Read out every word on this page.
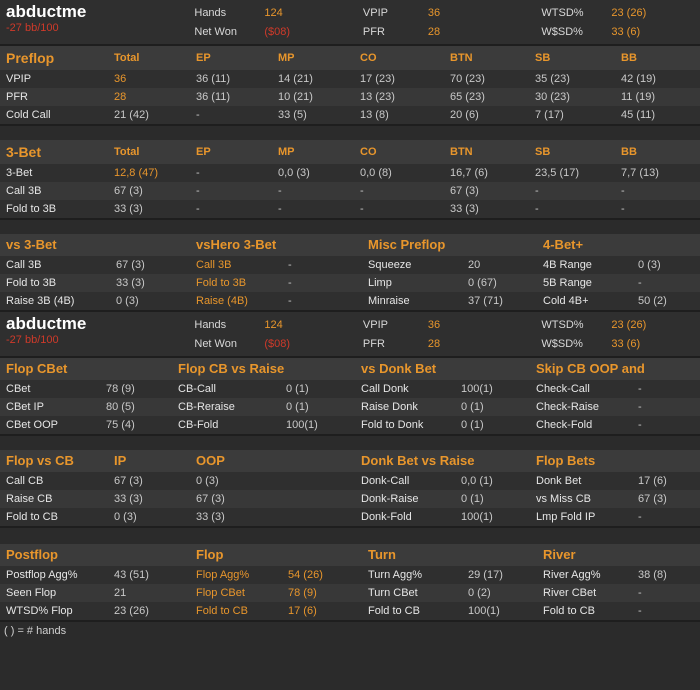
abductme
-27 bb/100
Hands	124
Net Won	($08)
VPIP	36
PFR	28
WTSD%	23 (26)
W$SD%	33 (6)
Preflop	Total	EP	MP	CO	BTN	SB	BB
VPIP	36	36 (11)	14 (21)	17 (23)	70 (23)	35 (23)	42 (19)
PFR	28	36 (11)	10 (21)	13 (23)	65 (23)	30 (23)	11 (19)
Cold Call	21 (42)	-	33 (5)	13 (8)	20 (6)	7 (17)	45 (11)
3-Bet	Total	EP	MP	CO	BTN	SB	BB
3-Bet	12,8 (47)	-	0,0 (3)	0,0 (8)	16,7 (6)	23,5 (17)	7,7 (13)
Call 3B	67 (3)	-	-	-	67 (3)	-	-
Fold to 3B	33 (3)	-	-	-	33 (3)	-	-
vs 3-Bet	vsHero 3-Bet	Misc Preflop	4-Bet+
Call 3B	67 (3)	Call 3B	-	Squeeze	20	4B Range	0 (3)
Fold to 3B	33 (3)	Fold to 3B	-	Limp	0 (67)	5B Range	-
Raise 3B (4B)	0 (3)	Raise (4B)	-	Minraise	37 (71)	Cold 4B+	50 (2)
abductme
-27 bb/100
Hands	124
Net Won	($08)
VPIP	36
PFR	28
WTSD%	23 (26)
W$SD%	33 (6)
Flop CBet	Flop CB vs Raise	vs Donk Bet	Skip CB OOP and
CBet	78 (9)	CB-Call	0 (1)	Call Donk	100(1)	Check-Call	-
CBet IP	80 (5)	CB-Reraise	0 (1)	Raise Donk	0 (1)	Check-Raise	-
CBet OOP	75 (4)	CB-Fold	100(1)	Fold to Donk	0 (1)	Check-Fold	-
Flop vs CB	IP	OOP	Donk Bet vs Raise	Flop Bets
Call CB	67 (3)	0 (3)	Donk-Call	0,0 (1)	Donk Bet	17 (6)
Raise CB	33 (3)	67 (3)	Donk-Raise	0 (1)	vs Miss CB	67 (3)
Fold to CB	0 (3)	33 (3)	Donk-Fold	100(1)	Lmp Fold IP	-
Postflop	Flop	Turn	River
Postflop Agg%	43 (51)	Flop Agg%	54 (26)	Turn Agg%	29 (17)	River Agg%	38 (8)
Seen Flop	21	Flop CBet	78 (9)	Turn CBet	0 (2)	River CBet	-
WTSD% Flop	23 (26)	Fold to CB	17 (6)	Fold to CB	100(1)	Fold to CB	-
( ) = # hands
